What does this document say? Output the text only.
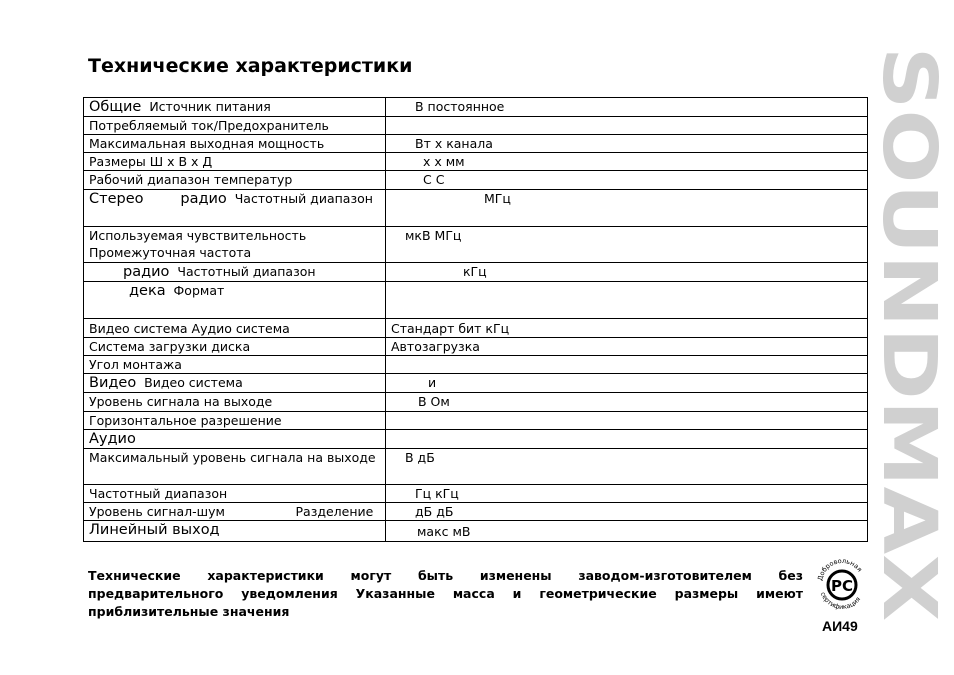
Технические характеристики
Общие Источник питания	В постоянное
Потребляемый ток/Предохранитель	
Максимальная выходная мощность	Вт х канала
Размеры Ш х В х Д	х х мм
Рабочий диапазон температур	С С
Стерео        радио Частотный диапазон	МГц
Используемая чувствительность Промежуточная частота	мкВ МГц
радио Частотный диапазон	кГц
дека Формат	
Видео система Аудио система	Стандарт бит кГц
Система загрузки диска	Автозагрузка
Угол монтажа	
Видео Видео система	и
Уровень сигнала на выходе	В Ом
Горизонтальное разрешение	
Аудио	
Максимальный уровень сигнала на выходе	В дБ
Частотный диапазон	Гц кГц
Уровень сигнал-шум Разделение	дБ дБ
Линейный выход	макс мВ

Технические характеристики могут быть изменены заводом-изготовителем без предварительного уведомления Указанные масса и геометрические размеры имеют приблизительные значения

Добровольная
сертификация
РС
АИ49
SOUNDMAX
